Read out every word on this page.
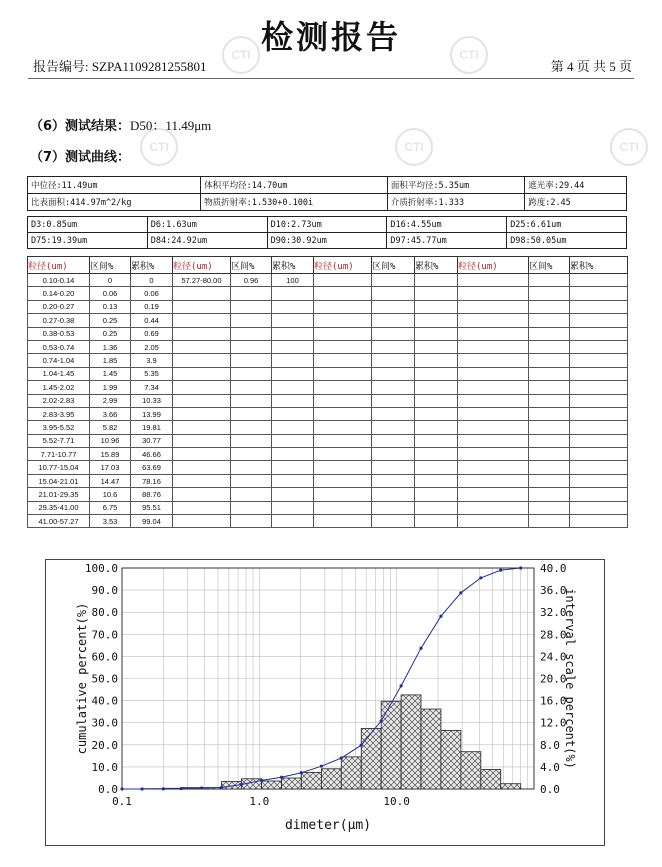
CTI	CTI
CTI	CTI	CTI
检测报告
报告编号: SZPA1109281255801	第 4 页 共 5 页
（6）测试结果：D50：11.49μm
（7）测试曲线：
中位径:11.49um	体积平均径:14.70um	面积平均径:5.35um	遮光率:29.44
比表面积:414.97m^2/kg	物质折射率:1.530+0.100i	介质折射率:1.333	跨度:2.45
D3:0.85um	D6:1.63um	D10:2.73um	D16:4.55um	D25:6.61um
D75:19.39um	D84:24.92um	D90:30.92um	D97:45.77um	D98:50.05um
粒径(um)	区间%	累积%	粒径(um)	区间%	累积%	粒径(um)	区间%	累积%	粒径(um)	区间%	累积%
0.10-0.14	0	0	57.27-80.00	0.96	100						
0.14-0.20	0.06	0.06									
0.20-0.27	0.13	0.19									
0.27-0.38	0.25	0.44									
0.38-0.53	0.25	0.69									
0.53-0.74	1.36	2.05									
0.74-1.04	1.85	3.9									
1.04-1.45	1.45	5.35									
1.45-2.02	1.99	7.34									
2.02-2.83	2.99	10.33									
2.83-3.95	3.66	13.99									
3.95-5.52	5.82	19.81									
5.52-7.71	10.96	30.77									
7.71-10.77	15.89	46.66									
10.77-15.04	17.03	63.69									
15.04-21.01	14.47	78.16									
21.01-29.35	10.6	88.76									
29.35-41.00	6.75	95.51									
41.00-57.27	3.53	99.04									
0.0
10.0
20.0
30.0
40.0
50.0
60.0
70.0
80.0
90.0
100.0
0.0
4.0
8.0
12.0
16.0
20.0
24.0
28.0
32.0
36.0
40.0
0.1	1.0	10.0
dimeter(μm)
cumulative percent(%)	interval scale percent(%)
